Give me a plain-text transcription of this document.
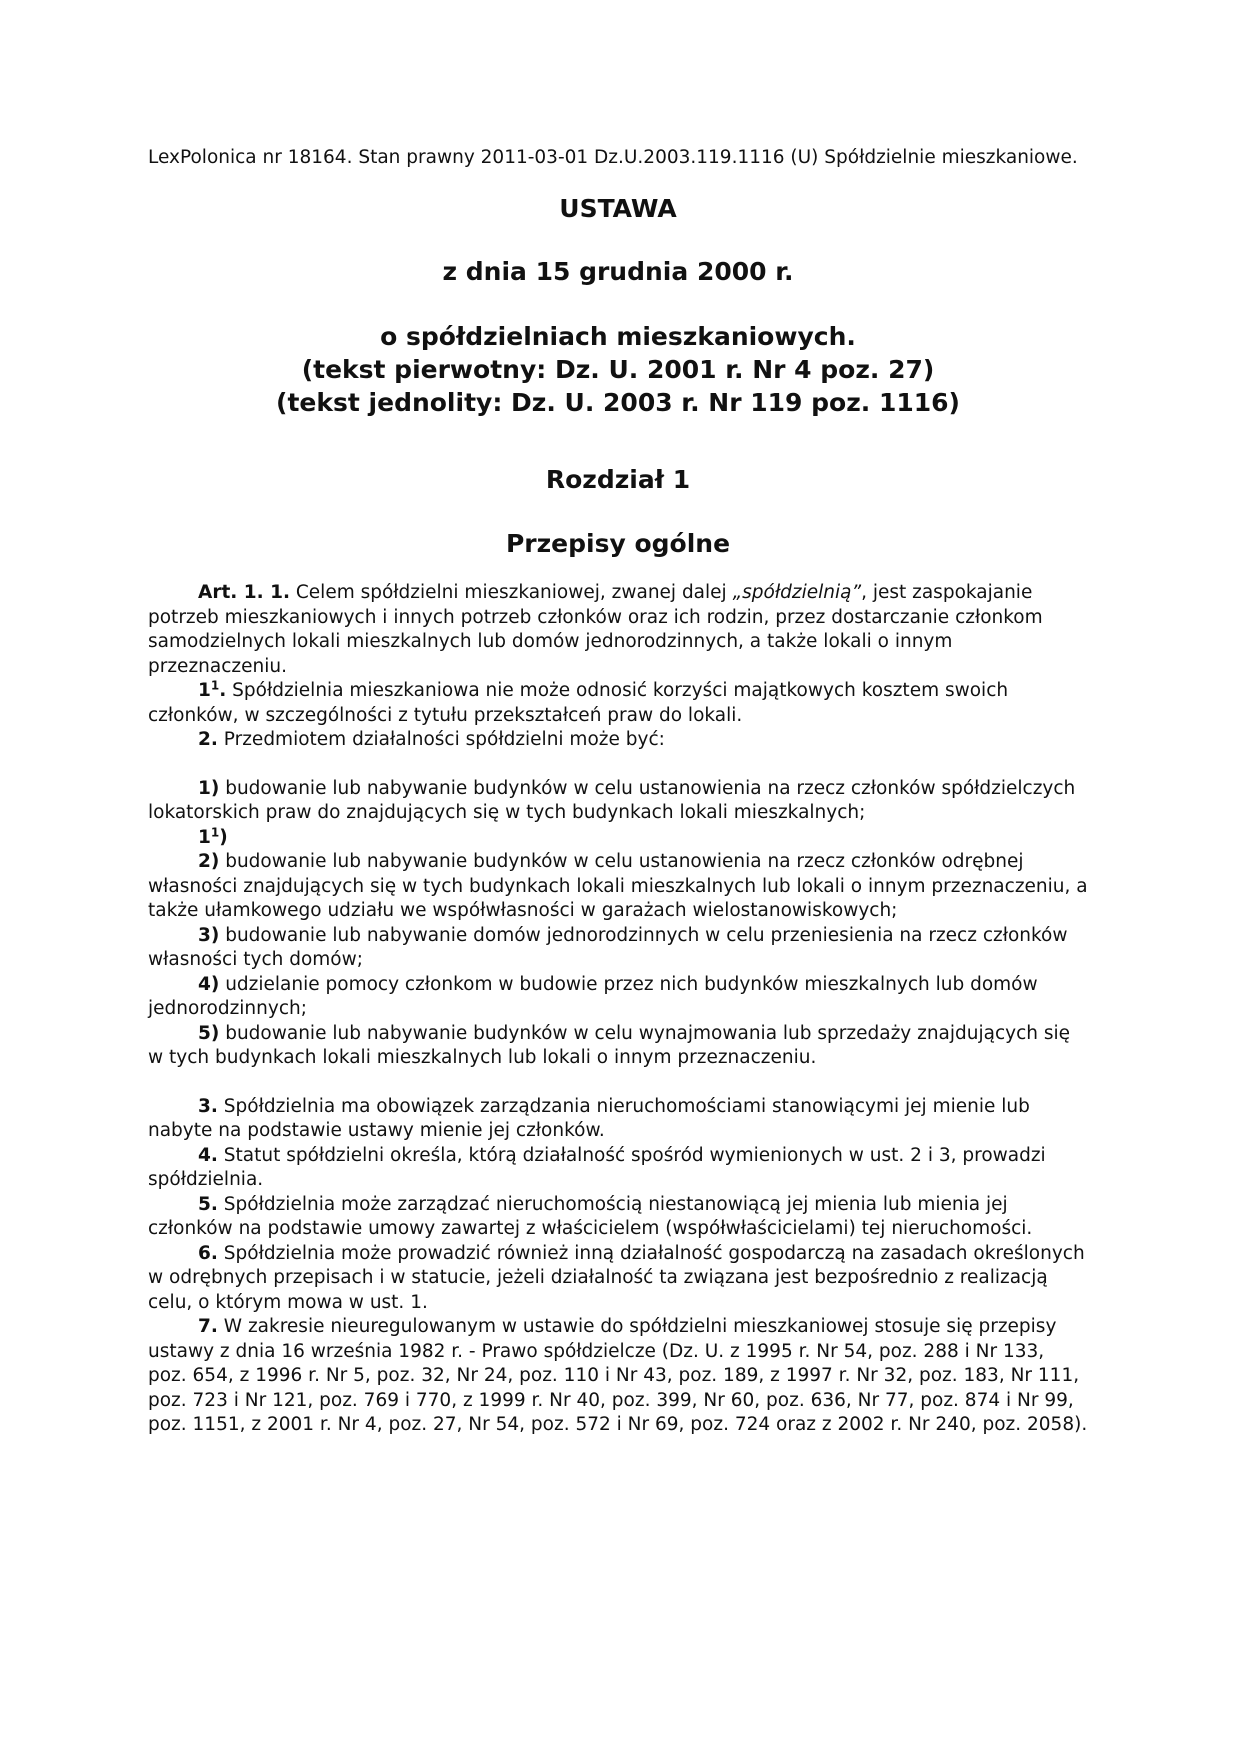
LexPolonica nr 18164. Stan prawny 2011-03-01 Dz.U.2003.119.1116 (U) Spółdzielnie mieszkaniowe.

USTAWA

z dnia 15 grudnia 2000 r.

o spółdzielniach mieszkaniowych.

(tekst pierwotny: Dz. U. 2001 r. Nr 4 poz. 27)

(tekst jednolity: Dz. U. 2003 r. Nr 119 poz. 1116)

Rozdział 1

Przepisy ogólne

Art. 1. 1. Celem spółdzielni mieszkaniowej, zwanej dalej „spółdzielnią”, jest zaspokajanie potrzeb mieszkaniowych i innych potrzeb członków oraz ich rodzin, przez dostarczanie członkom samodzielnych lokali mieszkalnych lub domów jednorodzinnych, a także lokali o innym przeznaczeniu.

$1^1$. Spółdzielnia mieszkaniowa nie może odnosić korzyści majątkowych kosztem swoich członków, w szczególności z tytułu przekształceń praw do lokali.

2. Przedmiotem działalności spółdzielni może być:

1) budowanie lub nabywanie budynków w celu ustanowienia na rzecz członków spółdzielczych lokatorskich praw do znajdujących się w tych budynkach lokali mieszkalnych;

$1^1$)

2) budowanie lub nabywanie budynków w celu ustanowienia na rzecz członków odrębnej własności znajdujących się w tych budynkach lokali mieszkalnych lub lokali o innym przeznaczeniu, a także ułamkowego udziału we współwłasności w garażach wielostanowiskowych;

3) budowanie lub nabywanie domów jednorodzinnych w celu przeniesienia na rzecz członków własności tych domów;

4) udzielanie pomocy członkom w budowie przez nich budynków mieszkalnych lub domów jednorodzinnych;

5) budowanie lub nabywanie budynków w celu wynajmowania lub sprzedaży znajdujących się w tych budynkach lokali mieszkalnych lub lokali o innym przeznaczeniu.

3. Spółdzielnia ma obowiązek zarządzania nieruchomościami stanowiącymi jej mienie lub nabyte na podstawie ustawy mienie jej członków.

4. Statut spółdzielni określa, którą działalność spośród wymienionych w ust. 2 i 3, prowadzi spółdzielnia.

5. Spółdzielnia może zarządzać nieruchomością niestanowiącą jej mienia lub mienia jej członków na podstawie umowy zawartej z właścicielem (współwłaścicielami) tej nieruchomości.

6. Spółdzielnia może prowadzić również inną działalność gospodarczą na zasadach określonych w odrębnych przepisach i w statucie, jeżeli działalność ta związana jest bezpośrednio z realizacją celu, o którym mowa w ust. 1.

7. W zakresie nieuregulowanym w ustawie do spółdzielni mieszkaniowej stosuje się przepisy ustawy z dnia 16 września 1982 r. - Prawo spółdzielcze (Dz. U. z 1995 r. Nr 54, poz. 288 i Nr 133, poz. 654, z 1996 r. Nr 5, poz. 32, Nr 24, poz. 110 i Nr 43, poz. 189, z 1997 r. Nr 32, poz. 183, Nr 111, poz. 723 i Nr 121, poz. 769 i 770, z 1999 r. Nr 40, poz. 399, Nr 60, poz. 636, Nr 77, poz. 874 i Nr 99, poz. 1151, z 2001 r. Nr 4, poz. 27, Nr 54, poz. 572 i Nr 69, poz. 724 oraz z 2002 r. Nr 240, poz. 2058).
